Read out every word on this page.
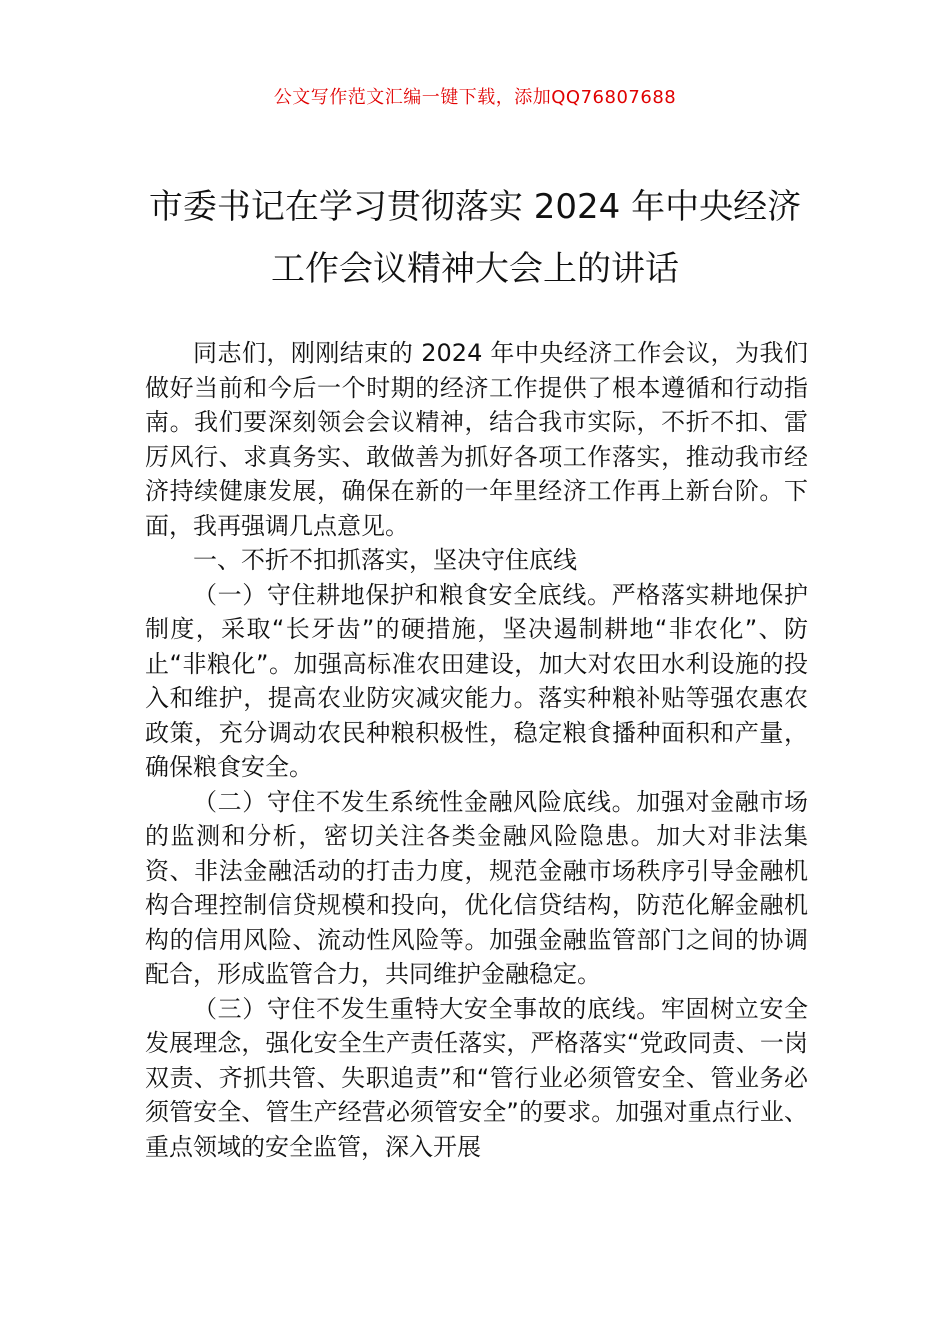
公文写作范文汇编一键下载，添加QQ76807688
市委书记在学习贯彻落实 2024 年中央经济
工作会议精神大会上的讲话

同志们，刚刚结束的 2024 年中央经济工作会议，为我们做好当前和今后一个时期的经济工作提供了根本遵循和行动指南。我们要深刻领会会议精神，结合我市实际，不折不扣、雷厉风行、求真务实、敢做善为抓好各项工作落实，推动我市经济持续健康发展，确保在新的一年里经济工作再上新台阶。下面，我再强调几点意见。

一、不折不扣抓落实，坚决守住底线

（一）守住耕地保护和粮食安全底线。严格落实耕地保护制度，采取“长牙齿”的硬措施，坚决遏制耕地“非农化”、防止“非粮化”。加强高标准农田建设，加大对农田水利设施的投入和维护，提高农业防灾减灾能力。落实种粮补贴等强农惠农政策，充分调动农民种粮积极性，稳定粮食播种面积和产量，确保粮食安全。

（二）守住不发生系统性金融风险底线。加强对金融市场的监测和分析，密切关注各类金融风险隐患。加大对非法集资、非法金融活动的打击力度，规范金融市场秩序引导金融机构合理控制信贷规模和投向，优化信贷结构，防范化解金融机构的信用风险、流动性风险等。加强金融监管部门之间的协调配合，形成监管合力，共同维护金融稳定。

（三）守住不发生重特大安全事故的底线。牢固树立安全发展理念，强化安全生产责任落实，严格落实“党政同责、一岗双责、齐抓共管、失职追责”和“管行业必须管安全、管业务必须管安全、管生产经营必须管安全”的要求。加强对重点行业、重点领域的安全监管，深入开展
